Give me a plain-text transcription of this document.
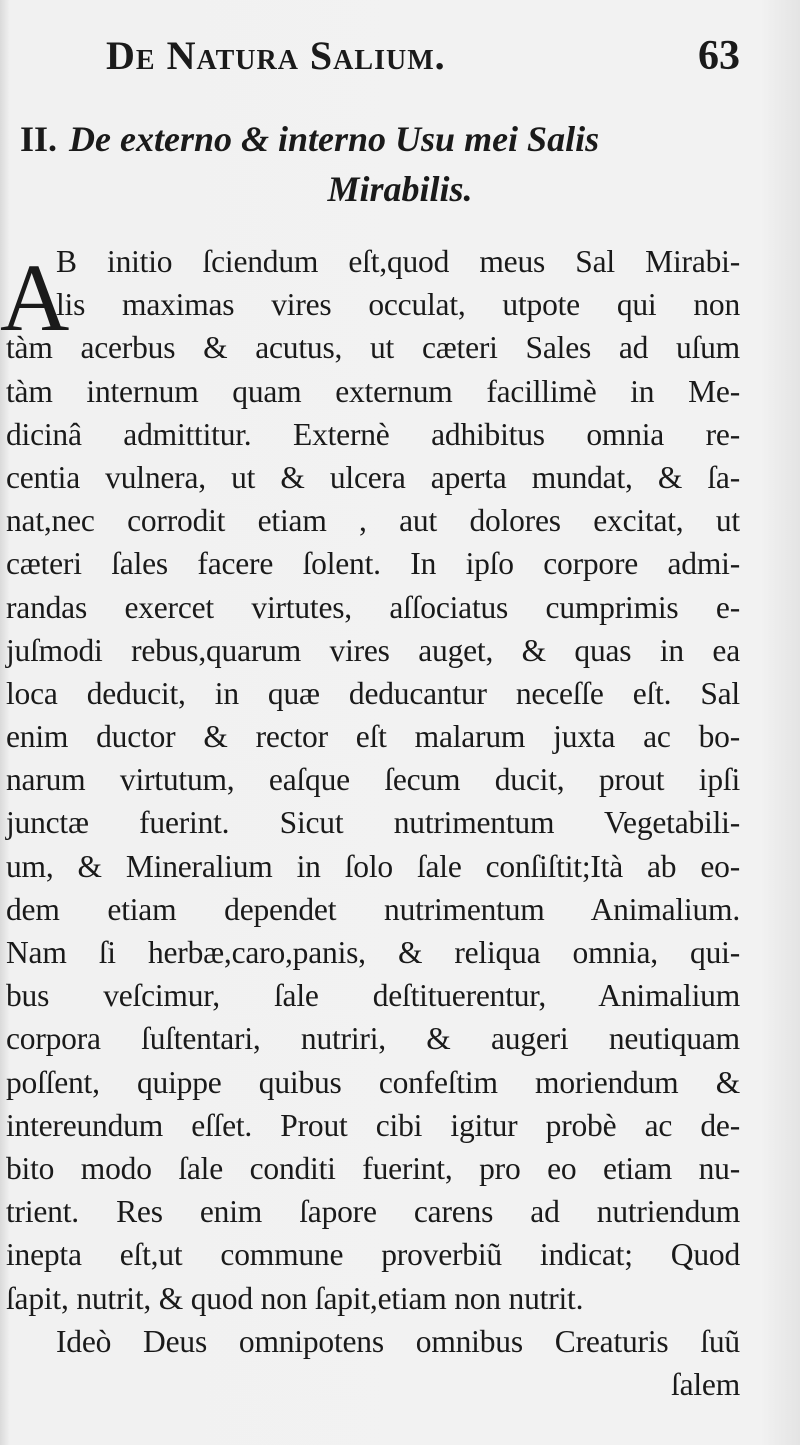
De Natura Salium.	63
II. De externo & interno Usu mei Salis
Mirabilis.
A
B initio ſciendum eſt,quod meus Sal Mirabi-
lis maximas vires occulat, utpote qui non
tàm acerbus & acutus, ut cæteri Sales ad uſum
tàm internum quam externum facillimè in Me-
dicinâ admittitur. Externè adhibitus omnia re-
centia vulnera, ut & ulcera aperta mundat, & ſa-
nat,nec corrodit etiam , aut dolores excitat, ut
cæteri ſales facere ſolent. In ipſo corpore admi-
randas exercet virtutes, aſſociatus cumprimis e-
juſmodi rebus,quarum vires auget, & quas in ea
loca deducit, in quæ deducantur neceſſe eſt. Sal
enim ductor & rector eſt malarum juxta ac bo-
narum virtutum, eaſque ſecum ducit, prout ipſi
junctæ fuerint. Sicut nutrimentum Vegetabili-
um, & Mineralium in ſolo ſale conſiſtit;Ità ab eo-
dem etiam dependet nutrimentum Animalium.
Nam ſi herbæ,caro,panis, & reliqua omnia, qui-
bus veſcimur, ſale deſtituerentur, Animalium
corpora ſuſtentari, nutriri, & augeri neutiquam
poſſent, quippe quibus confeſtim moriendum &
intereundum eſſet. Prout cibi igitur probè ac de-
bito modo ſale conditi fuerint, pro eo etiam nu-
trient. Res enim ſapore carens ad nutriendum
inepta eſt,ut commune proverbiũ indicat; Quod
ſapit, nutrit, & quod non ſapit,etiam non nutrit.
Ideò Deus omnipotens omnibus Creaturis ſuũ
ſalem
